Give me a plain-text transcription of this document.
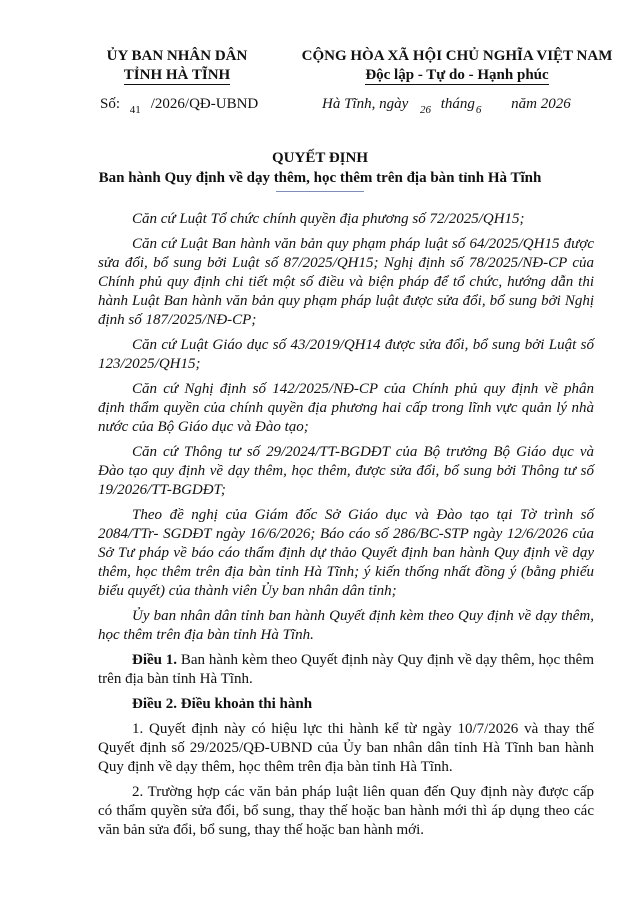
ỦY BAN NHÂN DÂN
TỈNH HÀ TĨNH
CỘNG HÒA XÃ HỘI CHỦ NGHĨA VIỆT NAM
Độc lập - Tự do - Hạnh phúc
Số: $_{41}$ /2026/QĐ-UBND	Hà Tĩnh, ngày $_{26}$ tháng$_6$ năm 2026
QUYẾT ĐỊNH
Ban hành Quy định về dạy thêm, học thêm trên địa bàn tỉnh Hà Tĩnh

Căn cứ Luật Tổ chức chính quyền địa phương số 72/2025/QH15;

Căn cứ Luật Ban hành văn bản quy phạm pháp luật số 64/2025/QH15 được sửa đổi, bổ sung bởi Luật số 87/2025/QH15; Nghị định số 78/2025/NĐ-CP của Chính phủ quy định chi tiết một số điều và biện pháp để tổ chức, hướng dẫn thi hành Luật Ban hành văn bản quy phạm pháp luật được sửa đổi, bổ sung bởi Nghị định số 187/2025/NĐ-CP;

Căn cứ Luật Giáo dục số 43/2019/QH14 được sửa đổi, bổ sung bởi Luật số 123/2025/QH15;

Căn cứ Nghị định số 142/2025/NĐ-CP của Chính phủ quy định về phân định thẩm quyền của chính quyền địa phương hai cấp trong lĩnh vực quản lý nhà nước của Bộ Giáo dục và Đào tạo;

Căn cứ Thông tư số 29/2024/TT-BGDĐT của Bộ trưởng Bộ Giáo dục và Đào tạo quy định về dạy thêm, học thêm, được sửa đổi, bổ sung bởi Thông tư số 19/2026/TT-BGDĐT;

Theo đề nghị của Giám đốc Sở Giáo dục và Đào tạo tại Tờ trình số 2084/TTr- SGDĐT ngày 16/6/2026; Báo cáo số 286/BC-STP ngày 12/6/2026 của Sở Tư pháp về báo cáo thẩm định dự thảo Quyết định ban hành Quy định về dạy thêm, học thêm trên địa bàn tỉnh Hà Tĩnh; ý kiến thống nhất đồng ý (bằng phiếu biểu quyết) của thành viên Ủy ban nhân dân tỉnh;

Ủy ban nhân dân tỉnh ban hành Quyết định kèm theo Quy định về dạy thêm, học thêm trên địa bàn tỉnh Hà Tĩnh.

Điều 1. Ban hành kèm theo Quyết định này Quy định về dạy thêm, học thêm trên địa bàn tỉnh Hà Tĩnh.

Điều 2. Điều khoản thi hành

1. Quyết định này có hiệu lực thi hành kể từ ngày 10/7/2026 và thay thế Quyết định số 29/2025/QĐ-UBND của Ủy ban nhân dân tỉnh Hà Tĩnh ban hành Quy định về dạy thêm, học thêm trên địa bàn tỉnh Hà Tĩnh.

2. Trường hợp các văn bản pháp luật liên quan đến Quy định này được cấp có thẩm quyền sửa đổi, bổ sung, thay thế hoặc ban hành mới thì áp dụng theo các văn bản sửa đổi, bổ sung, thay thế hoặc ban hành mới.
